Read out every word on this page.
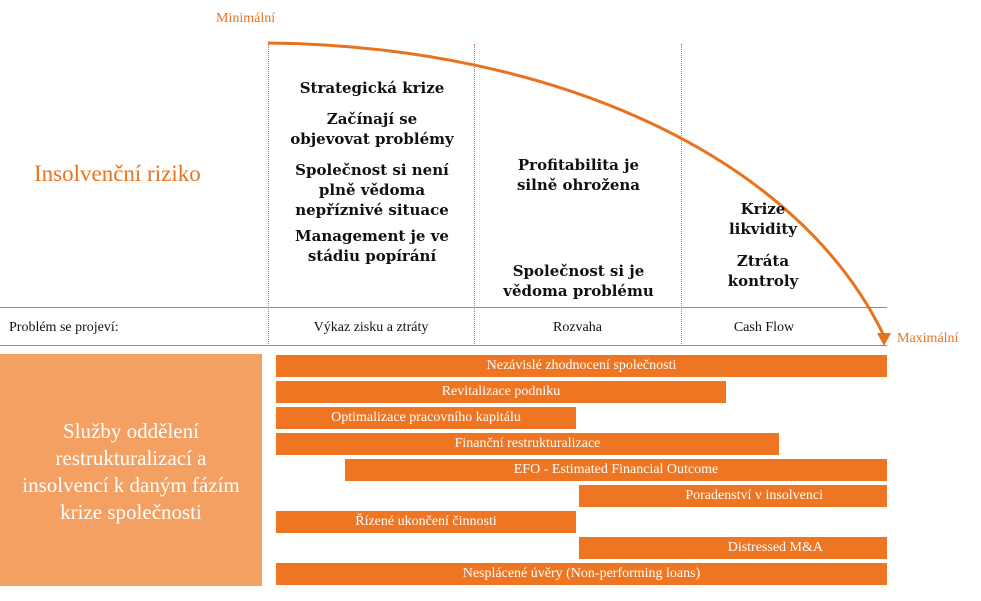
Minimální
Maximální
Insolvenční riziko
Strategická krize
Začínají se
objevovat problémy
Společnost si není
plně vědoma
nepříznivé situace
Management je ve
stádiu popírání
Profitabilita je
silně ohrožena
Společnost si je
vědoma problému
Krize
likvidity
Ztráta
kontroly
Problém se projeví:	Výkaz zisku a ztráty	Rozvaha	Cash Flow
Služby oddělení restrukturalizací a insolvencí k daným fázím krize společnosti
Nezávislé zhodnocení společnosti
Revitalizace podniku
Optimalizace pracovního kapitálu
Finanční restrukturalizace
EFO - Estimated Financial Outcome
Poradenství v insolvenci
Řízené ukončení činnosti
Distressed M&A
Nesplácené úvěry (Non-performing loans)
